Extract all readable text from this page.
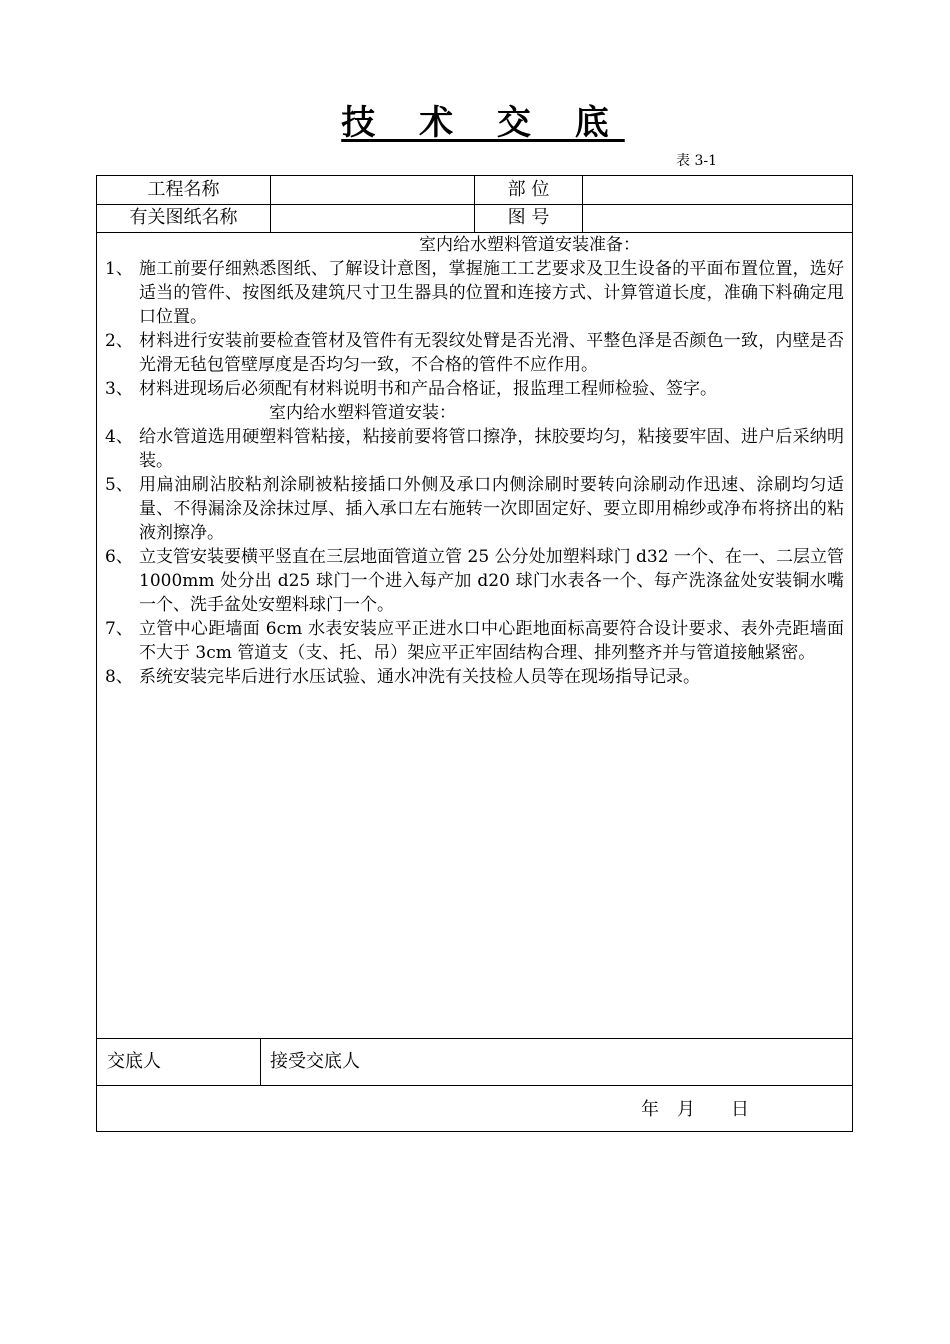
技 术 交 底
表 3-1
工程名称	部 位
有关图纸名称	图 号
室内给水塑料管道安装准备：
1、 施工前要仔细熟悉图纸、了解设计意图，掌握施工工艺要求及卫生设备的平面布置位置，选好适当的管件、按图纸及建筑尺寸卫生器具的位置和连接方式、计算管道长度，准确下料确定甩口位置。
2、 材料进行安装前要检查管材及管件有无裂纹处臂是否光滑、平整色泽是否颜色一致，内壁是否光滑无毡包管壁厚度是否均匀一致，不合格的管件不应作用。
3、 材料进现场后必须配有材料说明书和产品合格证，报监理工程师检验、签字。
室内给水塑料管道安装：
4、 给水管道选用硬塑料管粘接，粘接前要将管口擦净，抹胶要均匀，粘接要牢固、进户后采纳明装。
5、 用扁油刷沾胶粘剂涂刷被粘接插口外侧及承口内侧涂刷时要转向涂刷动作迅速、涂刷均匀适量、不得漏涂及涂抹过厚、插入承口左右施转一次即固定好、要立即用棉纱或净布将挤出的粘液剂擦净。
6、 立支管安装要横平竖直在三层地面管道立管 25 公分处加塑料球门 d32 一个、在一、二层立管 1000mm 处分出 d25 球门一个进入每产加 d20 球门水表各一个、每产洗涤盆处安装铜水嘴一个、洗手盆处安塑料球门一个。
7、 立管中心距墙面 6cm 水表安装应平正进水口中心距地面标高要符合设计要求、表外壳距墙面不大于 3cm 管道支（支、托、吊）架应平正牢固结构合理、排列整齐并与管道接触紧密。
8、 系统安装完毕后进行水压试验、通水冲洗有关技检人员等在现场指导记录。
交底人	接受交底人
年　月　　日
